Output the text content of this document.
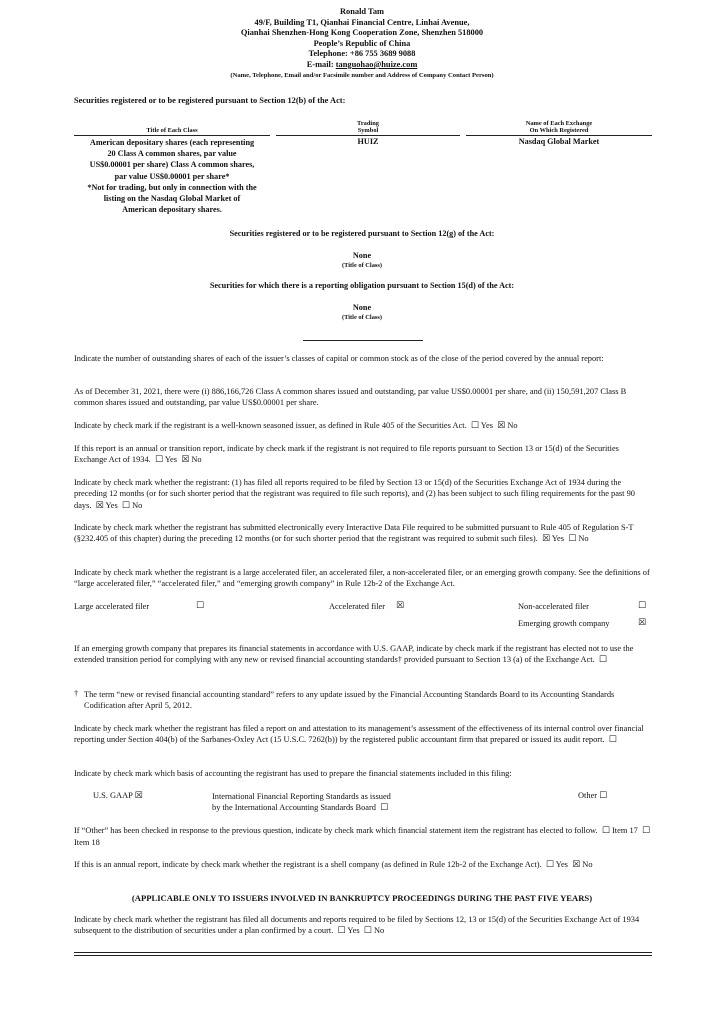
Ronald Tam
49/F, Building T1, Qianhai Financial Centre, Linhai Avenue,
Qianhai Shenzhen-Hong Kong Cooperation Zone, Shenzhen 518000
People’s Republic of China
Telephone: +86 755 3689 9088
E-mail: tanguohao@huize.com
(Name, Telephone, Email and/or Facsimile number and Address of Company Contact Person)
Securities registered or to be registered pursuant to Section 12(b) of the Act:
Title of Each Class
Trading
Symbol
Name of Each Exchange
On Which Registered
American depositary shares (each representing
20 Class A common shares, par value
US$0.00001 per share) Class A common shares,
par value US$0.00001 per share*
*Not for trading, but only in connection with the
listing on the Nasdaq Global Market of
American depositary shares.
HUIZ	Nasdaq Global Market
Securities registered or to be registered pursuant to Section 12(g) of the Act:
None
(Title of Class)
Securities for which there is a reporting obligation pursuant to Section 15(d) of the Act:
None
(Title of Class)
Indicate the number of outstanding shares of each of the issuer’s classes of capital or common stock as of the close of the period covered by the annual report:
As of December 31, 2021, there were (i) 886,166,726 Class A common shares issued and outstanding, par value US$0.00001 per share, and (ii) 150,591,207 Class B common shares issued and outstanding, par value US$0.00001 per share.
Indicate by check mark if the registrant is a well-known seasoned issuer, as defined in Rule 405 of the Securities Act. ☐ Yes ☒ No
If this report is an annual or transition report, indicate by check mark if the registrant is not required to file reports pursuant to Section 13 or 15(d) of the Securities Exchange Act of 1934. ☐ Yes ☒ No
Indicate by check mark whether the registrant: (1) has filed all reports required to be filed by Section 13 or 15(d) of the Securities Exchange Act of 1934 during the preceding 12 months (or for such shorter period that the registrant was required to file such reports), and (2) has been subject to such filing requirements for the past 90 days. ☒ Yes ☐ No
Indicate by check mark whether the registrant has submitted electronically every Interactive Data File required to be submitted pursuant to Rule 405 of Regulation S-T (§232.405 of this chapter) during the preceding 12 months (or for such shorter period that the registrant was required to submit such files). ☒ Yes ☐ No
Indicate by check mark whether the registrant is a large accelerated filer, an accelerated filer, a non-accelerated filer, or an emerging growth company. See the definitions of “large accelerated filer,” “accelerated filer,” and “emerging growth company” in Rule 12b-2 of the Exchange Act.
Large accelerated filer	☐	Accelerated filer ☒	Non-accelerated filer	☐
Emerging growth company	☒
If an emerging growth company that prepares its financial statements in accordance with U.S. GAAP, indicate by check mark if the registrant has elected not to use the extended transition period for complying with any new or revised financial accounting standards† provided pursuant to Section 13 (a) of the Exchange Act. ☐
† The term “new or revised financial accounting standard” refers to any update issued by the Financial Accounting Standards Board to its Accounting Standards Codification after April 5, 2012.
Indicate by check mark whether the registrant has filed a report on and attestation to its management’s assessment of the effectiveness of its internal control over financial reporting under Section 404(b) of the Sarbanes-Oxley Act (15 U.S.C. 7262(b)) by the registered public accountant firm that prepared or issued its audit report. ☐
Indicate by check mark which basis of accounting the registrant has used to prepare the financial statements included in this filing:
U.S. GAAP ☒	International Financial Reporting Standards as issued
by the International Accounting Standards Board ☐
Other ☐
If “Other” has been checked in response to the previous question, indicate by check mark which financial statement item the registrant has elected to follow. ☐ Item 17 ☐ Item 18
If this is an annual report, indicate by check mark whether the registrant is a shell company (as defined in Rule 12b-2 of the Exchange Act). ☐ Yes ☒ No
(APPLICABLE ONLY TO ISSUERS INVOLVED IN BANKRUPTCY PROCEEDINGS DURING THE PAST FIVE YEARS)
Indicate by check mark whether the registrant has filed all documents and reports required to be filed by Sections 12, 13 or 15(d) of the Securities Exchange Act of 1934 subsequent to the distribution of securities under a plan confirmed by a court. ☐ Yes ☐ No
